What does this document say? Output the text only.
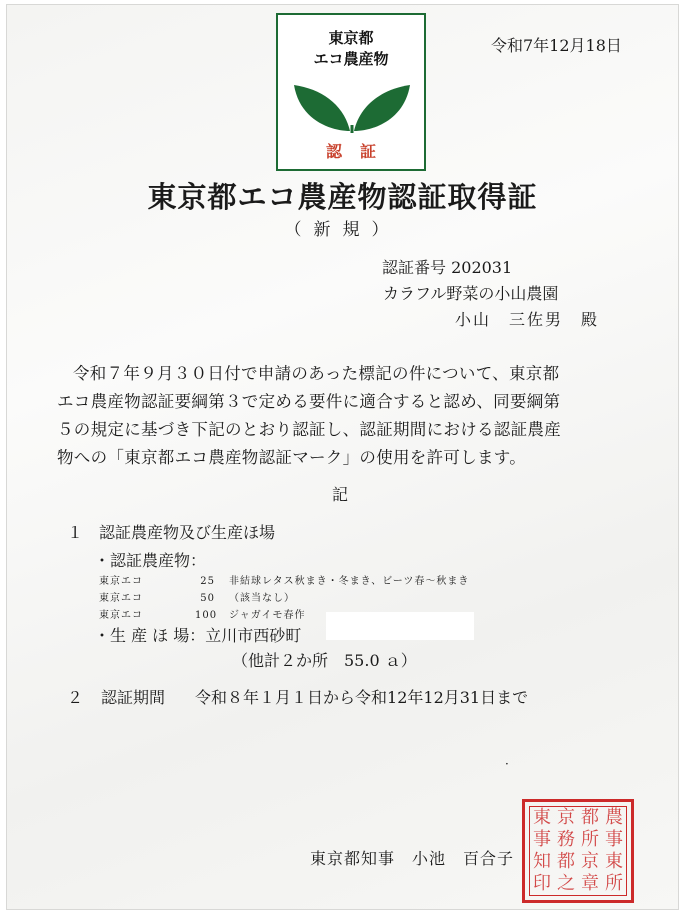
東京都
エコ農産物
認証
令和7年12月18日
東京都エコ農産物認証取得証
（新規）
認証番号 202031
カラフル野菜の小山農園
小山　三佐男　殿
令和７年９月３０日付で申請のあった標記の件について、東京都
エコ農産物認証要綱第３で定める要件に適合すると認め、同要綱第
５の規定に基づき下記のとおり認証し、認証期間における認証農産
物への「東京都エコ農産物認証マーク」の使用を許可します。
記
１　認証農産物及び生産ほ場
・認証農産物：
東京エコ	25 非結球レタス秋まき・冬まき、ビーツ春～秋まき
東京エコ	50 （該当なし）
東京エコ	100 ジャガイモ春作
・生 産 ほ 場：立川市西砂町
（他計２か所　55.0 ａ）
２ 認証期間 令和８年１月１日から令和12年12月31日まで
·
東京都知事　小池　百合子
東 京 都 農
事 務 所 事
知 都 京 東
印 之 章 所
